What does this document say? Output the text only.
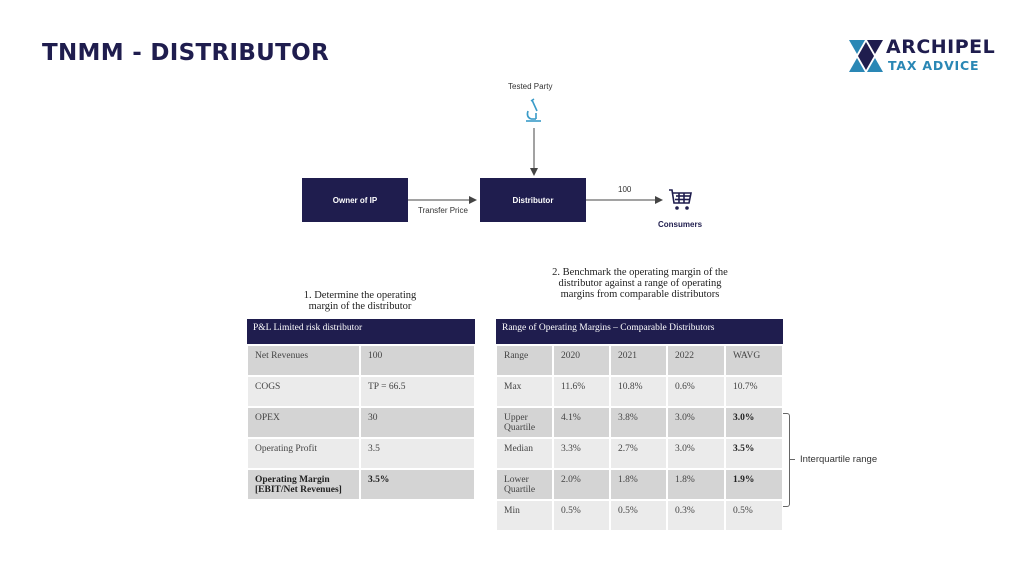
TNMM - DISTRIBUTOR	ARCHIPEL
TAX ADVICE
Tested Party
Owner of IP	Distributor
Transfer Price
100
Consumers
1. Determine the operating margin of the distributor
P&L Limited risk distributor	
Net Revenues	100
COGS	TP = 66.5
OPEX	30
Operating Profit	3.5
Operating Margin [EBIT/Net Revenues]	3.5%
2. Benchmark the operating margin of the distributor against a range of operating margins from comparable distributors
Range of Operating Margins – Comparable Distributors				
Range	2020	2021	2022	WAVG
Max	11.6%	10.8%	0.6%	10.7%
Upper Quartile	4.1%	3.8%	3.0%	3.0%
Median	3.3%	2.7%	3.0%	3.5%
Lower Quartile	2.0%	1.8%	1.8%	1.9%
Min	0.5%	0.5%	0.3%	0.5%
Interquartile range
